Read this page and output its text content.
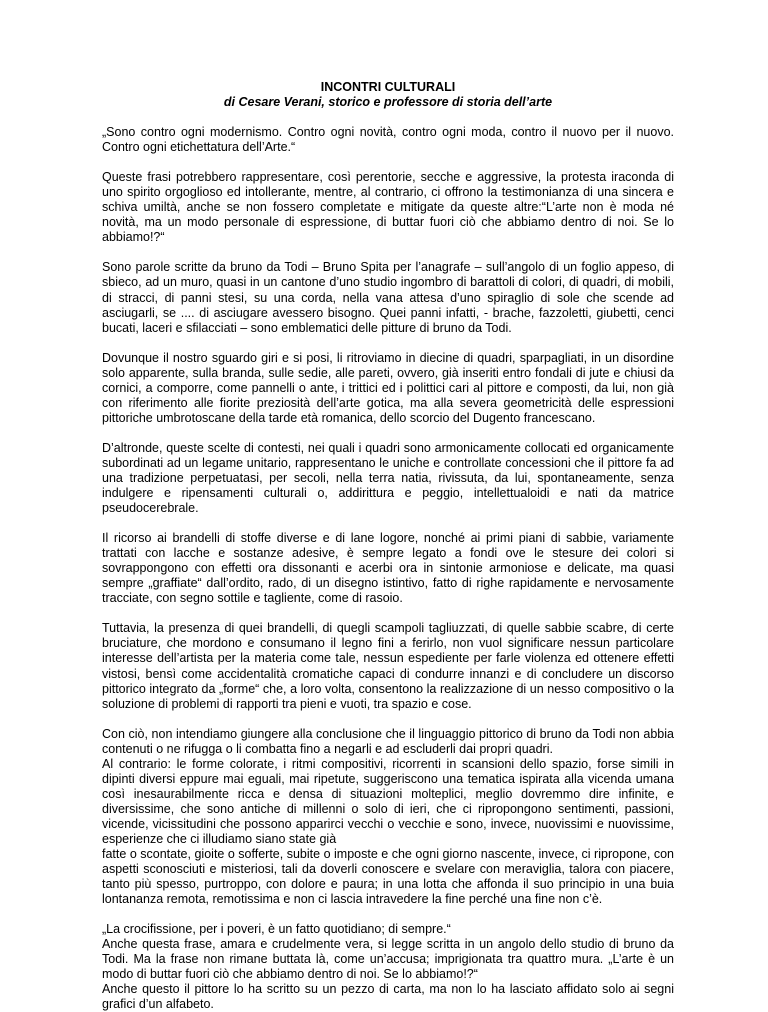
INCONTRI CULTURALI
di Cesare Verani, storico e professore di storia dell’arte

„Sono contro ogni modernismo. Contro ogni novità, contro ogni moda, contro il nuovo per il nuovo. Contro ogni etichettatura dell’Arte.“

Queste frasi potrebbero rappresentare, così perentorie, secche e aggressive, la protesta iraconda di uno spirito orgoglioso ed intollerante, mentre, al contrario, ci offrono la testimonianza di una sincera e schiva umiltà, anche se non fossero completate e mitigate da queste altre:“L’arte non è moda né novità, ma un modo personale di espressione, di buttar fuori ciò che abbiamo dentro di noi. Se lo abbiamo!?“

Sono parole scritte da bruno da Todi – Bruno Spita per l’anagrafe – sull’angolo di un foglio appeso, di sbieco, ad un muro, quasi in un cantone d’uno studio ingombro di barattoli di colori, di quadri, di mobili, di stracci, di panni stesi, su una corda, nella vana attesa d’uno spiraglio di sole che scende ad asciugarli, se .... di asciugare avessero bisogno. Quei panni infatti, - brache, fazzoletti, giubetti, cenci bucati, laceri e sfilacciati – sono emblematici delle pitture di bruno da Todi.

Dovunque il nostro sguardo giri e si posi, li ritroviamo in diecine di quadri, sparpagliati, in un disordine solo apparente, sulla branda, sulle sedie, alle pareti, ovvero, già inseriti entro fondali di jute e chiusi da cornici, a comporre, come pannelli o ante, i trittici ed i polittici cari al pittore e composti, da lui, non già con riferimento alle fiorite preziosità dell’arte gotica, ma alla severa geometricità delle espressioni pittoriche umbrotoscane della tarde età romanica, dello scorcio del Dugento francescano.

D’altronde, queste scelte di contesti, nei quali i quadri sono armonicamente collocati ed organicamente subordinati ad un legame unitario, rappresentano le uniche e controllate concessioni che il pittore fa ad una tradizione perpetuatasi, per secoli, nella terra natia, rivissuta, da lui, spontaneamente, senza indulgere e ripensamenti culturali o, addirittura e peggio, intellettualoidi e nati da matrice pseudocerebrale.

Il ricorso ai brandelli di stoffe diverse e di lane logore, nonché ai primi piani di sabbie, variamente trattati con lacche e sostanze adesive, è sempre legato a fondi ove le stesure dei colori si sovrappongono con effetti ora dissonanti e acerbi ora in sintonie armoniose e delicate, ma quasi sempre „graffiate“ dall’ordito, rado, di un disegno istintivo, fatto di righe rapidamente e nervosamente tracciate, con segno sottile e tagliente, come di rasoio.

Tuttavia, la presenza di quei brandelli, di quegli scampoli tagliuzzati, di quelle sabbie scabre, di certe bruciature, che mordono e consumano il legno fini a ferirlo, non vuol significare nessun particolare interesse dell’artista per la materia come tale, nessun espediente per farle violenza ed ottenere effetti vistosi, bensì come accidentalità cromatiche capaci di condurre innanzi e di concludere un discorso pittorico integrato da „forme“ che, a loro volta, consentono la realizzazione di un nesso compositivo o la soluzione di problemi di rapporti tra pieni e vuoti, tra spazio e cose.

Con ciò, non intendiamo giungere alla conclusione che il linguaggio pittorico di bruno da Todi non abbia contenuti o ne rifugga o li combatta fino a negarli e ad escluderli dai propri quadri.

Al contrario: le forme colorate, i ritmi compositivi, ricorrenti in scansioni dello spazio, forse simili in dipinti diversi eppure mai eguali, mai ripetute, suggeriscono una tematica ispirata alla vicenda umana così inesaurabilmente ricca e densa di situazioni molteplici, meglio dovremmo dire infinite, e diversissime, che sono antiche di millenni o solo di ieri, che ci ripropongono sentimenti, passioni, vicende, vicissitudini che possono apparirci vecchi o vecchie e sono, invece, nuovissimi e nuovissime, esperienze che ci illudiamo siano state già

fatte o scontate, gioite o sofferte, subite o imposte e che ogni giorno nascente, invece, ci ripropone, con aspetti sconosciuti e misteriosi, tali da doverli conoscere e svelare con meraviglia, talora con piacere, tanto più spesso, purtroppo, con dolore e paura; in una lotta che affonda il suo principio in una buia lontananza remota, remotissima e non ci lascia intravedere la fine perché una fine non c’è.

„La crocifissione, per i poveri, è un fatto quotidiano; di sempre.“

Anche questa frase, amara e crudelmente vera, si legge scritta in un angolo dello studio di bruno da Todi. Ma la frase non rimane buttata là, come un’accusa; imprigionata tra quattro mura. „L’arte è un modo di buttar fuori ciò che abbiamo dentro di noi. Se lo abbiamo!?“

Anche questo il pittore lo ha scritto su un pezzo di carta, ma non lo ha lasciato affidato solo ai segni grafici d’un alfabeto.
